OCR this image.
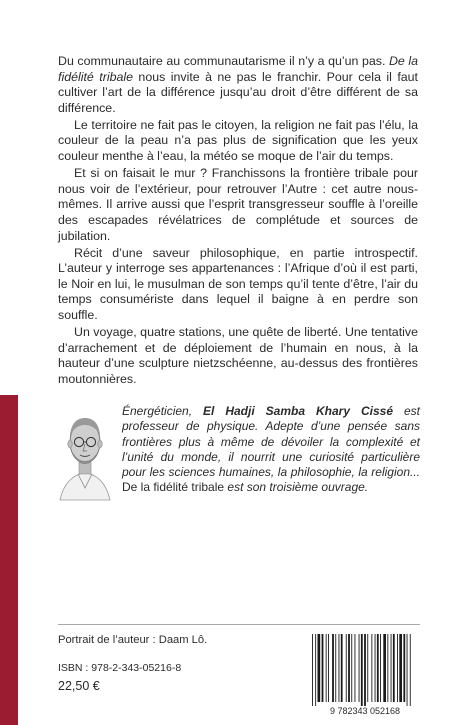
Du communautaire au communautarisme il n’y a qu’un pas. De la fidélité tribale nous invite à ne pas le franchir. Pour cela il faut cultiver l’art de la différence jusqu’au droit d’être différent de sa différence.

Le territoire ne fait pas le citoyen, la religion ne fait pas l’élu, la couleur de la peau n’a pas plus de signification que les yeux couleur menthe à l’eau, la météo se moque de l’air du temps.

Et si on faisait le mur ? Franchissons la frontière tribale pour nous voir de l’extérieur, pour retrouver l’Autre : cet autre nous-mêmes. Il arrive aussi que l’esprit transgresseur souffle à l’oreille des escapades révélatrices de complétude et sources de jubilation.

Récit d’une saveur philosophique, en partie introspectif. L’auteur y interroge ses appartenances : l’Afrique d’où il est parti, le Noir en lui, le musulman de son temps qu’il tente d’être, l’air du temps consumériste dans lequel il baigne à en perdre son souffle.

Un voyage, quatre stations, une quête de liberté. Une tentative d’arrachement et de déploiement de l’humain en nous, à la hauteur d’une sculpture nietzschéenne, au-dessus des frontières moutonnières.

Énergéticien, El Hadji Samba Khary Cissé est professeur de physique. Adepte d’une pensée sans frontières plus à même de dévoiler la complexité et l’unité du monde, il nourrit une curiosité particulière pour les sciences humaines, la philosophie, la religion... De la fidélité tribale est son troisième ouvrage.
Portrait de l’auteur : Daam Lô.
ISBN : 978-2-343-05216-8
22,50 €
9 782343 052168
